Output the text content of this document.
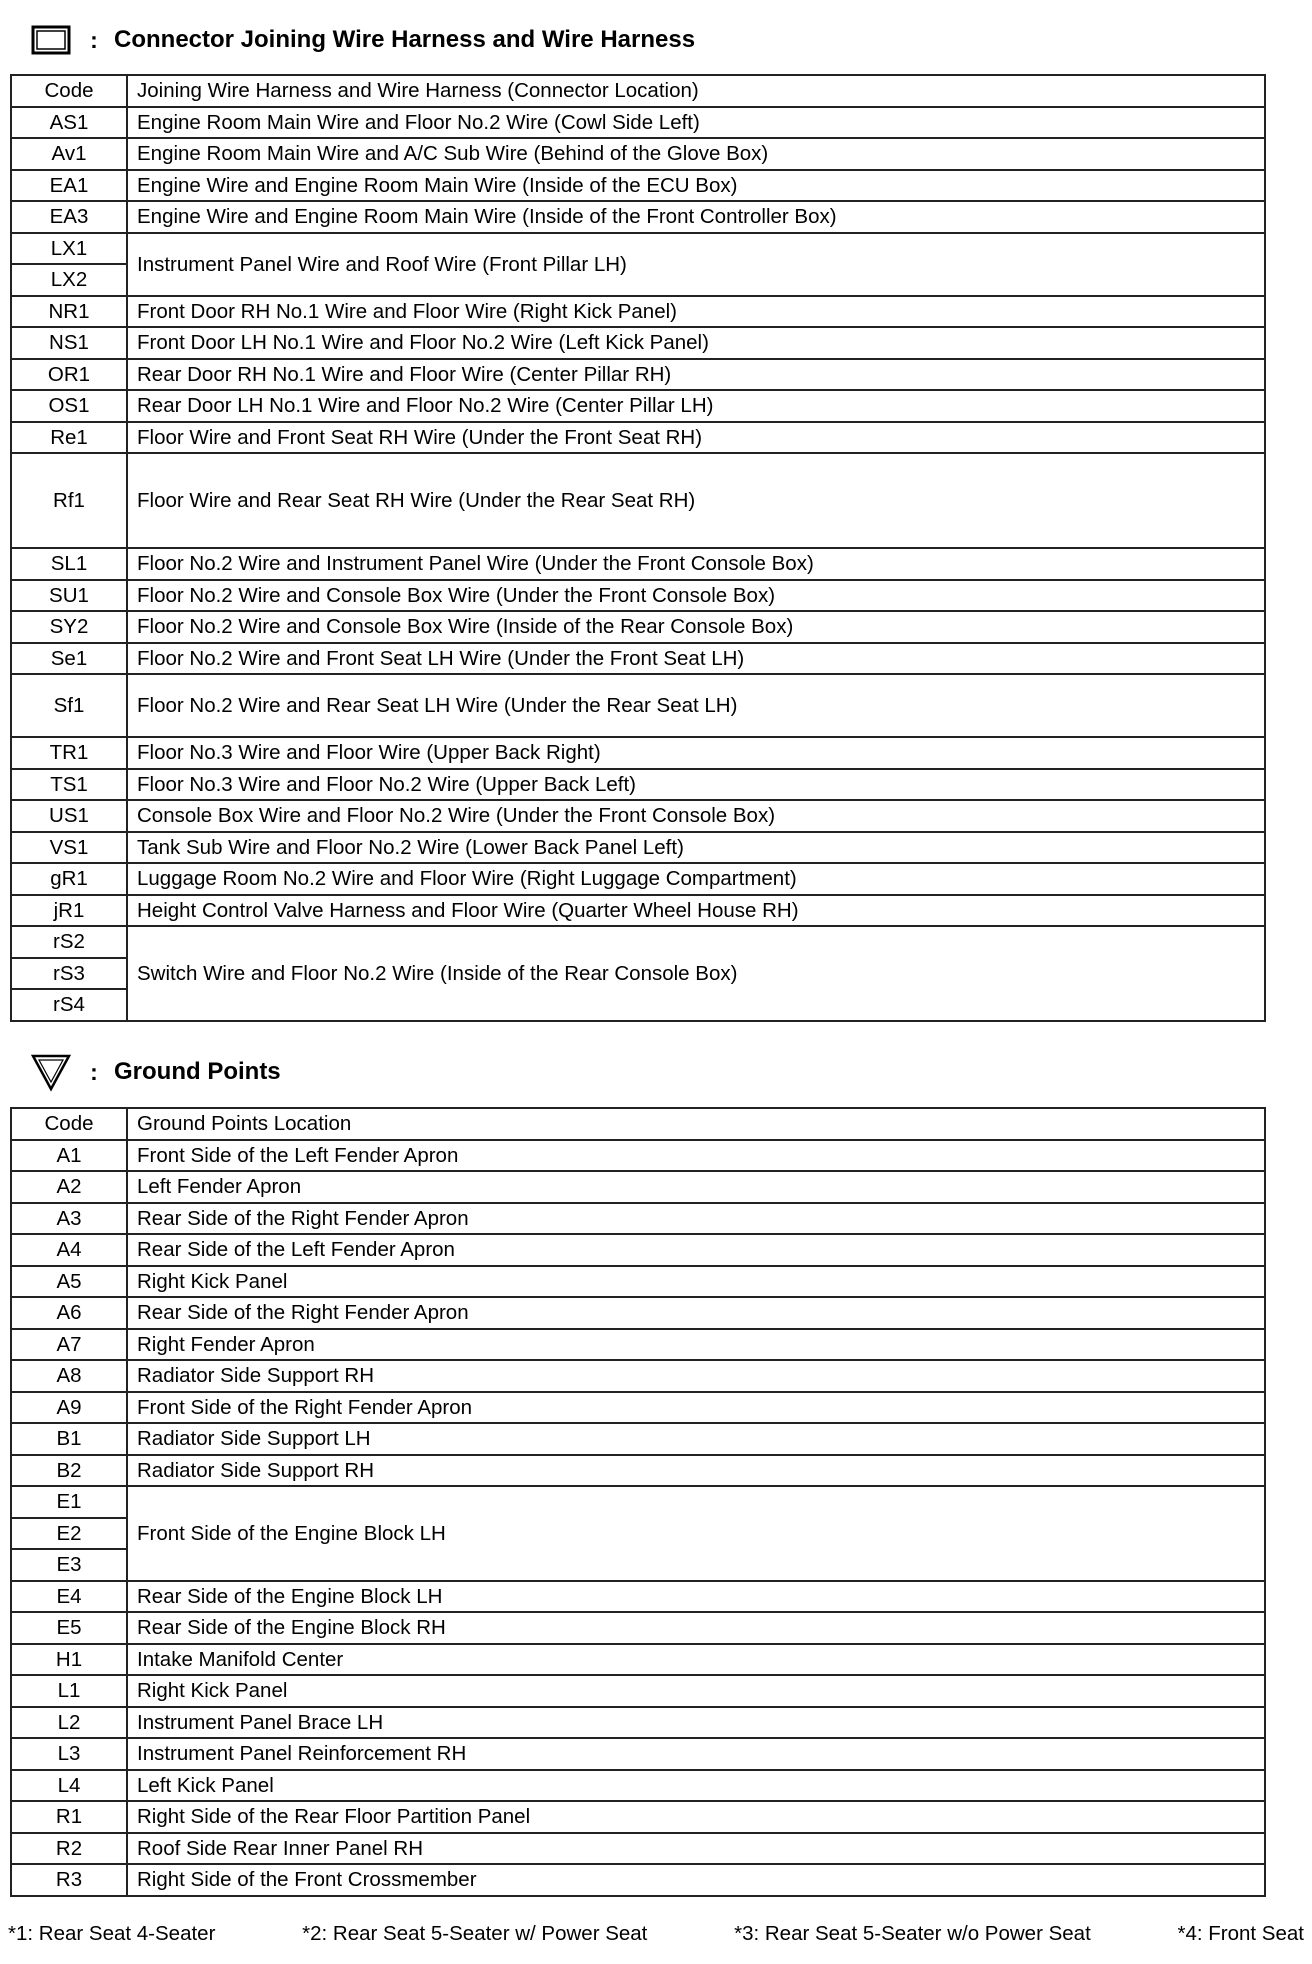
: Connector Joining Wire Harness and Wire Harness
Code	Joining Wire Harness and Wire Harness (Connector Location)
AS1	Engine Room Main Wire and Floor No.2 Wire (Cowl Side Left)
Av1	Engine Room Main Wire and A/C Sub Wire (Behind of the Glove Box)
EA1	Engine Wire and Engine Room Main Wire (Inside of the ECU Box)
EA3	Engine Wire and Engine Room Main Wire (Inside of the Front Controller Box)
LX1	Instrument Panel Wire and Roof Wire (Front Pillar LH)
LX2	
NR1	Front Door RH No.1 Wire and Floor Wire (Right Kick Panel)
NS1	Front Door LH No.1 Wire and Floor No.2 Wire (Left Kick Panel)
OR1	Rear Door RH No.1 Wire and Floor Wire (Center Pillar RH)
OS1	Rear Door LH No.1 Wire and Floor No.2 Wire (Center Pillar LH)
Re1	Floor Wire and Front Seat RH Wire (Under the Front Seat RH)
Rf1	Floor Wire and Rear Seat RH Wire (Under the Rear Seat RH)
SL1	Floor No.2 Wire and Instrument Panel Wire (Under the Front Console Box)
SU1	Floor No.2 Wire and Console Box Wire (Under the Front Console Box)
SY2	Floor No.2 Wire and Console Box Wire (Inside of the Rear Console Box)
Se1	Floor No.2 Wire and Front Seat LH Wire (Under the Front Seat LH)
Sf1	Floor No.2 Wire and Rear Seat LH Wire (Under the Rear Seat LH)
TR1	Floor No.3 Wire and Floor Wire (Upper Back Right)
TS1	Floor No.3 Wire and Floor No.2 Wire (Upper Back Left)
US1	Console Box Wire and Floor No.2 Wire (Under the Front Console Box)
VS1	Tank Sub Wire and Floor No.2 Wire (Lower Back Panel Left)
gR1	Luggage Room No.2 Wire and Floor Wire (Right Luggage Compartment)
jR1	Height Control Valve Harness and Floor Wire (Quarter Wheel House RH)
rS2	Switch Wire and Floor No.2 Wire (Inside of the Rear Console Box)
rS3	
rS4	
: Ground Points
Code	Ground Points Location
A1	Front Side of the Left Fender Apron
A2	Left Fender Apron
A3	Rear Side of the Right Fender Apron
A4	Rear Side of the Left Fender Apron
A5	Right Kick Panel
A6	Rear Side of the Right Fender Apron
A7	Right Fender Apron
A8	Radiator Side Support RH
A9	Front Side of the Right Fender Apron
B1	Radiator Side Support LH
B2	Radiator Side Support RH
E1	Front Side of the Engine Block LH
E2	
E3	
E4	Rear Side of the Engine Block LH
E5	Rear Side of the Engine Block RH
H1	Intake Manifold Center
L1	Right Kick Panel
L2	Instrument Panel Brace LH
L3	Instrument Panel Reinforcement RH
L4	Left Kick Panel
R1	Right Side of the Rear Floor Partition Panel
R2	Roof Side Rear Inner Panel RH
R3	Right Side of the Front Crossmember
*1: Rear Seat 4-Seater	*2: Rear Seat 5-Seater w/ Power Seat	*3: Rear Seat 5-Seater w/o Power Seat	*4: Front Seat
